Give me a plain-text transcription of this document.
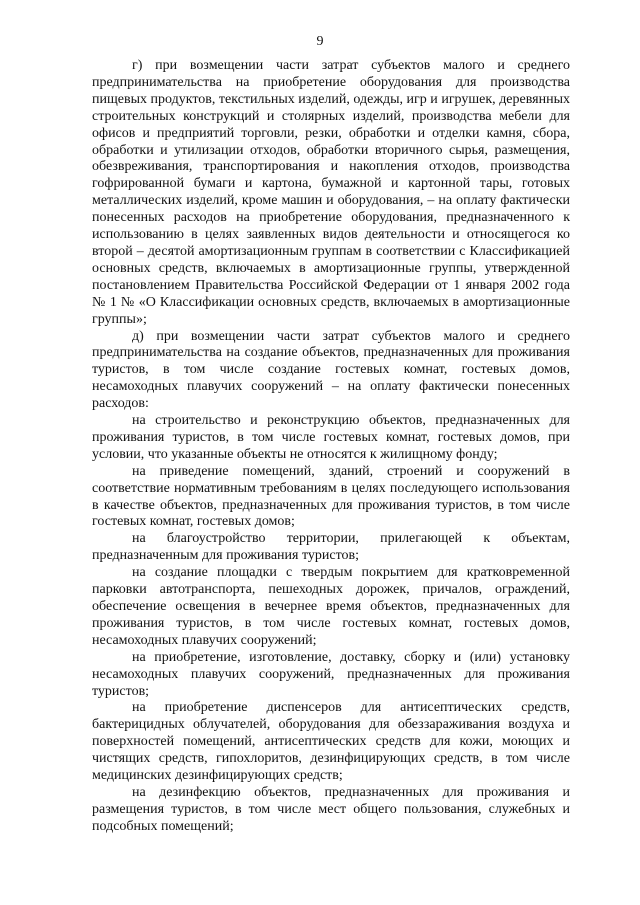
9

г) при возмещении части затрат субъектов малого и среднего предпринимательства на приобретение оборудования для производства пищевых продуктов, текстильных изделий, одежды, игр и игрушек, деревянных строительных конструкций и столярных изделий, производства мебели для офисов и предприятий торговли, резки, обработки и отделки камня, сбора, обработки и утилизации отходов, обработки вторичного сырья, размещения, обезвреживания, транспортирования и накопления отходов, производства гофрированной бумаги и картона, бумажной и картонной тары, готовых металлических изделий, кроме машин и оборудования, – на оплату фактически понесенных расходов на приобретение оборудования, предназначенного к использованию в целях заявленных видов деятельности и относящегося ко второй – десятой амортизационным группам в соответствии с Классификацией основных средств, включаемых в амортизационные группы, утвержденной постановлением Правительства Российской Федерации от 1 января 2002 года № 1 № «О Классификации основных средств, включаемых в амортизационные группы»;

д) при возмещении части затрат субъектов малого и среднего предпринимательства на создание объектов, предназначенных для проживания туристов, в том числе создание гостевых комнат, гостевых домов, несамоходных плавучих сооружений – на оплату фактически понесенных расходов:

на строительство и реконструкцию объектов, предназначенных для проживания туристов, в том числе гостевых комнат, гостевых домов, при условии, что указанные объекты не относятся к жилищному фонду;

на приведение помещений, зданий, строений и сооружений в соответствие нормативным требованиям в целях последующего использования в качестве объектов, предназначенных для проживания туристов, в том числе гостевых комнат, гостевых домов;

на благоустройство территории, прилегающей к объектам, предназначенным для проживания туристов;

на создание площадки с твердым покрытием для кратковременной парковки автотранспорта, пешеходных дорожек, причалов, ограждений, обеспечение освещения в вечернее время объектов, предназначенных для проживания туристов, в том числе гостевых комнат, гостевых домов, несамоходных плавучих сооружений;

на приобретение, изготовление, доставку, сборку и (или) установку несамоходных плавучих сооружений, предназначенных для проживания туристов;

на приобретение диспенсеров для антисептических средств, бактерицидных облучателей, оборудования для обеззараживания воздуха и поверхностей помещений, антисептических средств для кожи, моющих и чистящих средств, гипохлоритов, дезинфицирующих средств, в том числе медицинских дезинфицирующих средств;

на дезинфекцию объектов, предназначенных для проживания и размещения туристов, в том числе мест общего пользования, служебных и подсобных помещений;
